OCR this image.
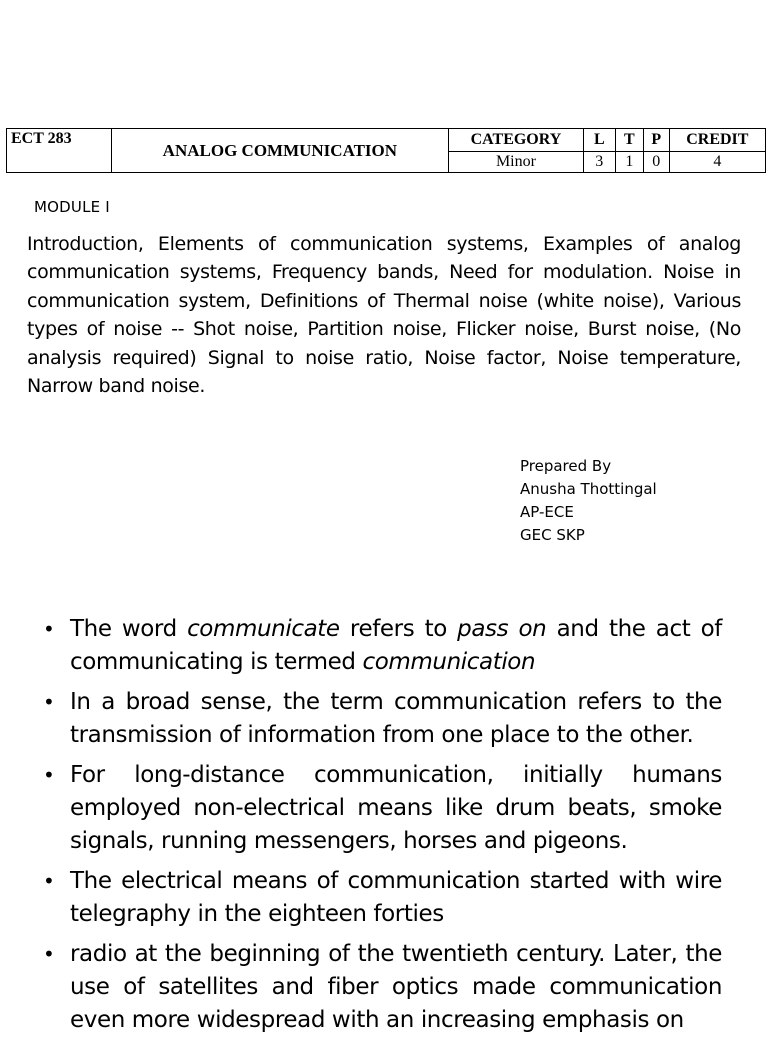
ECT 283	ANALOG COMMUNICATION	CATEGORY	L	T	P	CREDIT
		Minor	3	1	0	4
MODULE I
Introduction, Elements of communication systems, Examples of analog communication systems, Frequency bands, Need for modulation. Noise in communication system, Definitions of Thermal noise (white noise), Various types of noise -- Shot noise, Partition noise, Flicker noise, Burst noise, (No analysis required) Signal to noise ratio, Noise factor, Noise temperature, Narrow band noise.
Prepared By
Anusha Thottingal
AP-ECE
GEC SKP
• The word communicate refers to pass on and the act of communicating is termed communication
• In a broad sense, the term communication refers to the transmission of information from one place to the other.
• For long-distance communication, initially humans employed non-electrical means like drum beats, smoke signals, running messengers, horses and pigeons.
• The electrical means of communication started with wire telegraphy in the eighteen forties
• radio at the beginning of the twentieth century. Later, the use of satellites and fiber optics made communication even more widespread with an increasing emphasis on
